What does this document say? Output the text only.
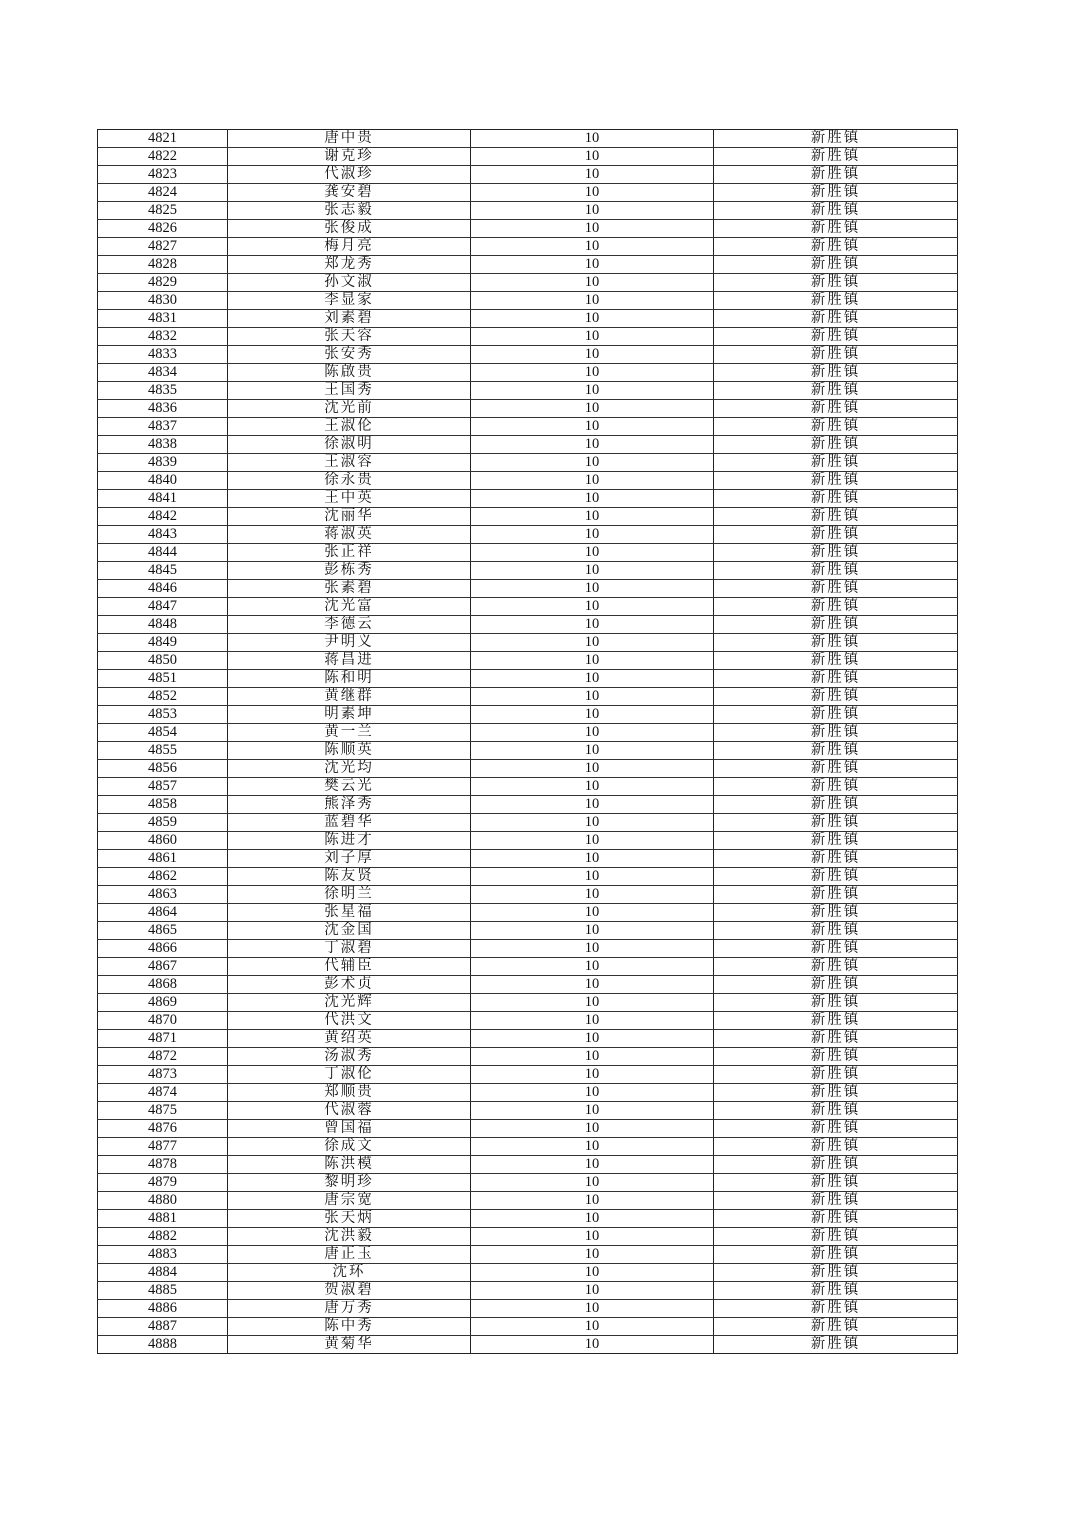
4821	唐中贵	10	新胜镇
4822	谢克珍	10	新胜镇
4823	代淑珍	10	新胜镇
4824	龚安碧	10	新胜镇
4825	张志毅	10	新胜镇
4826	张俊成	10	新胜镇
4827	梅月亮	10	新胜镇
4828	郑龙秀	10	新胜镇
4829	孙文淑	10	新胜镇
4830	李显家	10	新胜镇
4831	刘素碧	10	新胜镇
4832	张天容	10	新胜镇
4833	张安秀	10	新胜镇
4834	陈啟贵	10	新胜镇
4835	王国秀	10	新胜镇
4836	沈光前	10	新胜镇
4837	王淑伦	10	新胜镇
4838	徐淑明	10	新胜镇
4839	王淑容	10	新胜镇
4840	徐永贵	10	新胜镇
4841	王中英	10	新胜镇
4842	沈丽华	10	新胜镇
4843	蒋淑英	10	新胜镇
4844	张正祥	10	新胜镇
4845	彭栋秀	10	新胜镇
4846	张素碧	10	新胜镇
4847	沈光富	10	新胜镇
4848	李德云	10	新胜镇
4849	尹明义	10	新胜镇
4850	蒋昌进	10	新胜镇
4851	陈和明	10	新胜镇
4852	黄继群	10	新胜镇
4853	明素坤	10	新胜镇
4854	黄一兰	10	新胜镇
4855	陈顺英	10	新胜镇
4856	沈光均	10	新胜镇
4857	樊云光	10	新胜镇
4858	熊泽秀	10	新胜镇
4859	蓝碧华	10	新胜镇
4860	陈进才	10	新胜镇
4861	刘子厚	10	新胜镇
4862	陈友贤	10	新胜镇
4863	徐明兰	10	新胜镇
4864	张星福	10	新胜镇
4865	沈金国	10	新胜镇
4866	丁淑碧	10	新胜镇
4867	代辅臣	10	新胜镇
4868	彭术贞	10	新胜镇
4869	沈光辉	10	新胜镇
4870	代洪文	10	新胜镇
4871	黄绍英	10	新胜镇
4872	汤淑秀	10	新胜镇
4873	丁淑伦	10	新胜镇
4874	郑顺贵	10	新胜镇
4875	代淑蓉	10	新胜镇
4876	曾国福	10	新胜镇
4877	徐成文	10	新胜镇
4878	陈洪模	10	新胜镇
4879	黎明珍	10	新胜镇
4880	唐宗宽	10	新胜镇
4881	张天炳	10	新胜镇
4882	沈洪毅	10	新胜镇
4883	唐正玉	10	新胜镇
4884	沈环	10	新胜镇
4885	贺淑碧	10	新胜镇
4886	唐万秀	10	新胜镇
4887	陈中秀	10	新胜镇
4888	黄菊华	10	新胜镇
